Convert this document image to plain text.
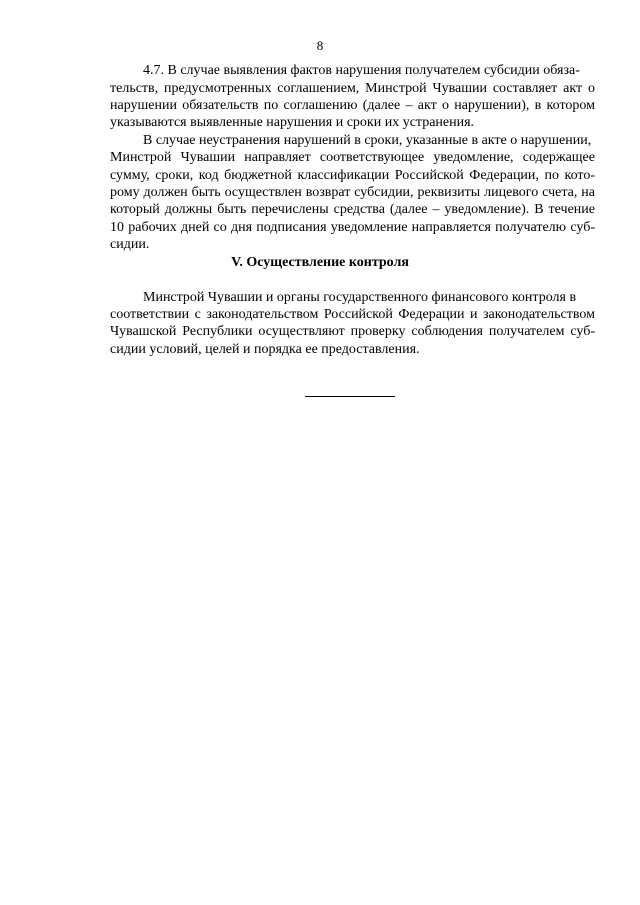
8
4.7. В случае выявления фактов нарушения получателем субсидии обяза-
тельств, предусмотренных соглашением, Минстрой Чувашии составляет акт о
нарушении обязательств по соглашению (далее – акт о нарушении), в котором
указываются выявленные нарушения и сроки их устранения.
В случае неустранения нарушений в сроки, указанные в акте о нарушении,
Минстрой Чувашии направляет соответствующее уведомление, содержащее
сумму, сроки, код бюджетной классификации Российской Федерации, по кото-
рому должен быть осуществлен возврат субсидии, реквизиты лицевого счета, на
который должны быть перечислены средства (далее – уведомление). В течение
10 рабочих дней со дня подписания уведомление направляется получателю суб-
сидии.
V. Осуществление контроля
Минстрой Чувашии и органы государственного финансового контроля в
соответствии с законодательством Российской Федерации и законодательством
Чувашской Республики осуществляют проверку соблюдения получателем суб-
сидии условий, целей и порядка ее предоставления.
